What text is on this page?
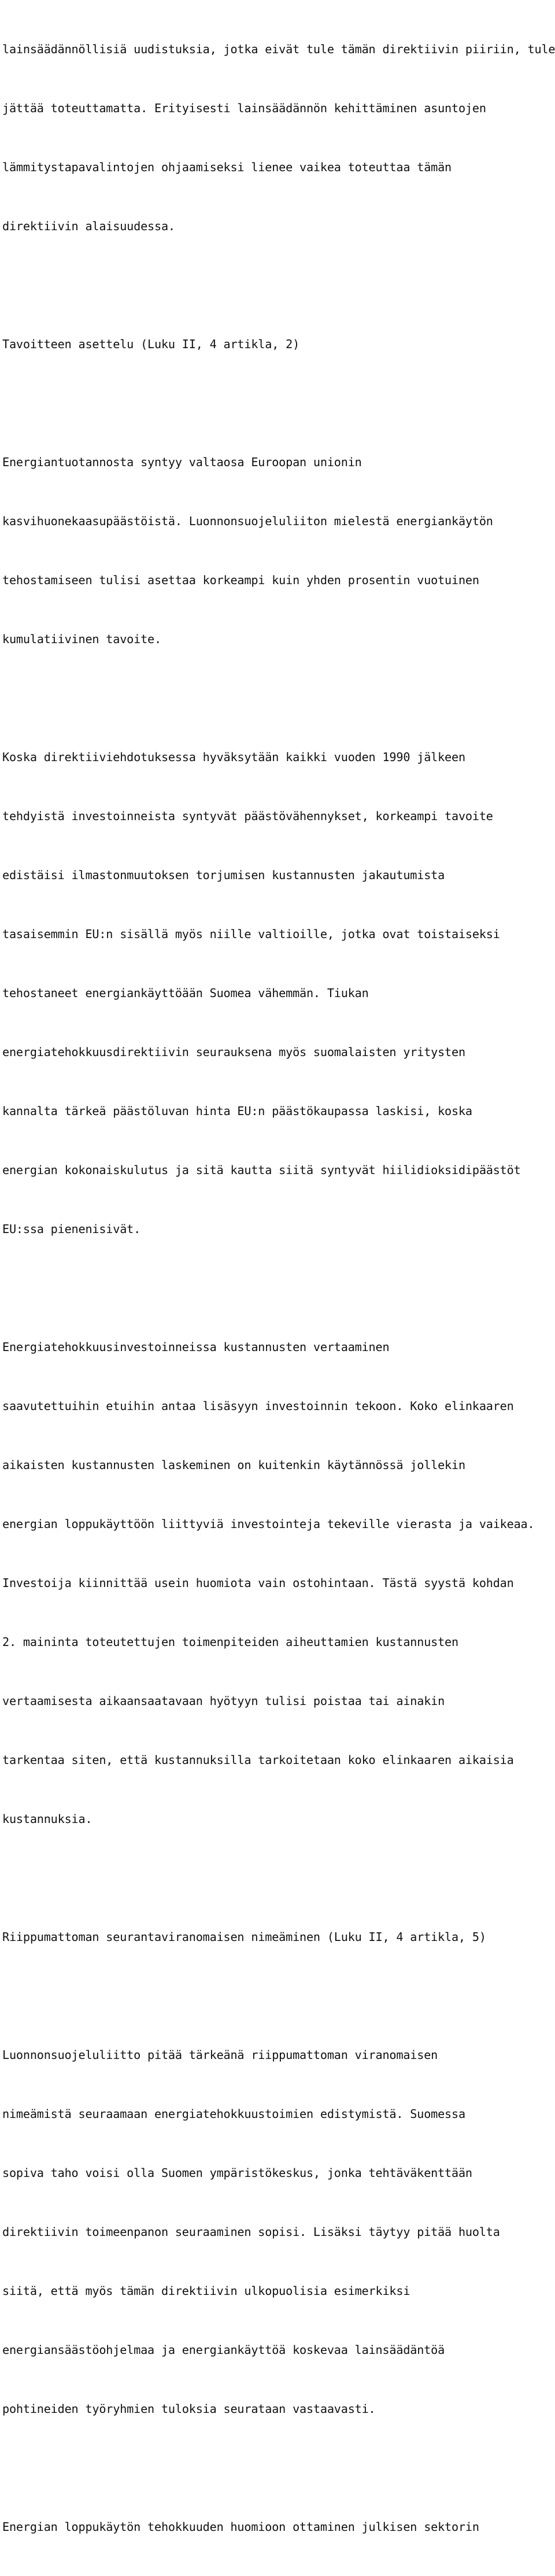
lainsäädännöllisiä uudistuksia, jotka eivät tule tämän direktiivin piiriin, tule

jättää toteuttamatta. Erityisesti lainsäädännön kehittäminen asuntojen

lämmitystapavalintojen ohjaamiseksi lienee vaikea toteuttaa tämän

direktiivin alaisuudessa.

Tavoitteen asettelu (Luku II, 4 artikla, 2)

Energiantuotannosta syntyy valtaosa Euroopan unionin

kasvihuonekaasupäästöistä. Luonnonsuojeluliiton mielestä energiankäytön

tehostamiseen tulisi asettaa korkeampi kuin yhden prosentin vuotuinen

kumulatiivinen tavoite.

Koska direktiiviehdotuksessa hyväksytään kaikki vuoden 1990 jälkeen

tehdyistä investoinneista syntyvät päästövähennykset, korkeampi tavoite

edistäisi ilmastonmuutoksen torjumisen kustannusten jakautumista

tasaisemmin EU:n sisällä myös niille valtioille, jotka ovat toistaiseksi

tehostaneet energiankäyttöään Suomea vähemmän. Tiukan

energiatehokkuusdirektiivin seurauksena myös suomalaisten yritysten

kannalta tärkeä päästöluvan hinta EU:n päästökaupassa laskisi, koska

energian kokonaiskulutus ja sitä kautta siitä syntyvät hiilidioksidipäästöt

EU:ssa pienenisivät.

Energiatehokkuusinvestoinneissa kustannusten vertaaminen

saavutettuihin etuihin antaa lisäsyyn investoinnin tekoon. Koko elinkaaren

aikaisten kustannusten laskeminen on kuitenkin käytännössä jollekin

energian loppukäyttöön liittyviä investointeja tekeville vierasta ja vaikeaa.

Investoija kiinnittää usein huomiota vain ostohintaan. Tästä syystä kohdan

2. maininta toteutettujen toimenpiteiden aiheuttamien kustannusten

vertaamisesta aikaansaatavaan hyötyyn tulisi poistaa tai ainakin

tarkentaa siten, että kustannuksilla tarkoitetaan koko elinkaaren aikaisia

kustannuksia.

Riippumattoman seurantaviranomaisen nimeäminen (Luku II, 4 artikla, 5)

Luonnonsuojeluliitto pitää tärkeänä riippumattoman viranomaisen

nimeämistä seuraamaan energiatehokkuustoimien edistymistä. Suomessa

sopiva taho voisi olla Suomen ympäristökeskus, jonka tehtäväkenttään

direktiivin toimeenpanon seuraaminen sopisi. Lisäksi täytyy pitää huolta

siitä, että myös tämän direktiivin ulkopuolisia esimerkiksi

energiansäästöohjelmaa ja energiankäyttöä koskevaa lainsäädäntöä

pohtineiden työryhmien tuloksia seurataan vastaavasti.

Energian loppukäytön tehokkuuden huomioon ottaminen julkisen sektorin
